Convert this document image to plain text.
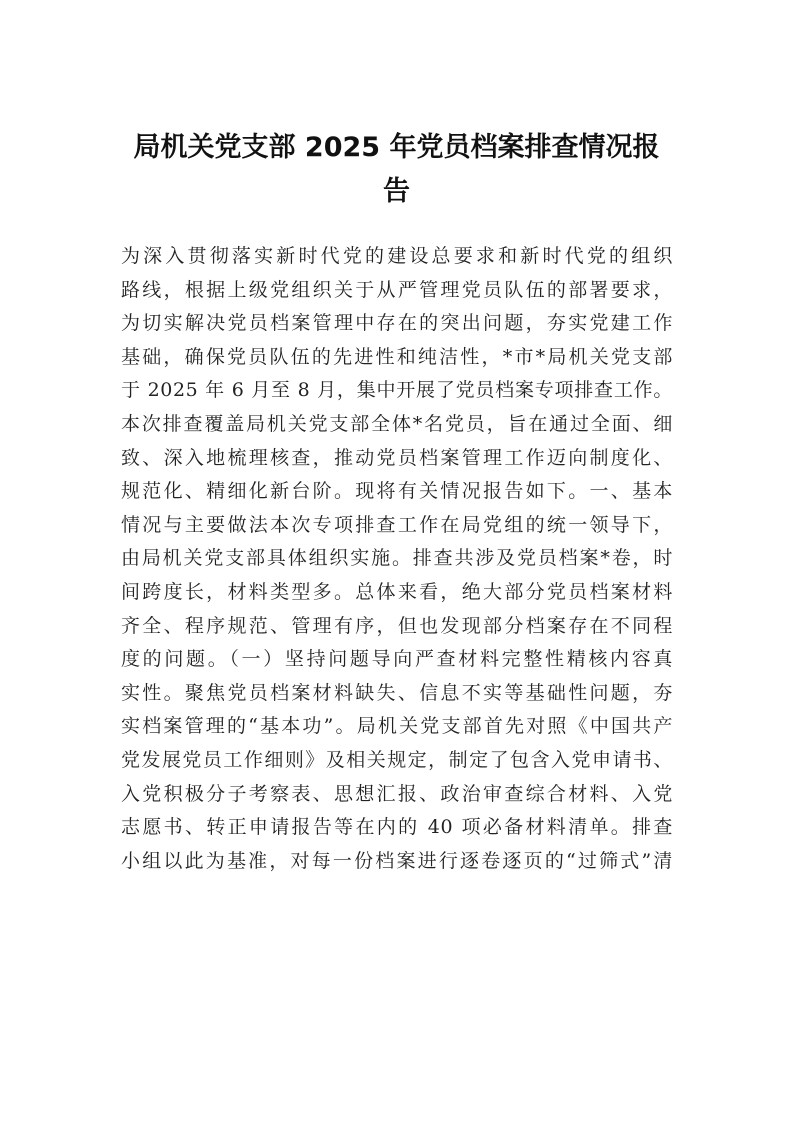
局机关党支部 2025 年党员档案排查情况报
告
为深入贯彻落实新时代党的建设总要求和新时代党的组织
路线，根据上级党组织关于从严管理党员队伍的部署要求，
为切实解决党员档案管理中存在的突出问题，夯实党建工作
基础，确保党员队伍的先进性和纯洁性，*市*局机关党支部
于 2025 年 6 月至 8 月，集中开展了党员档案专项排查工作。
本次排查覆盖局机关党支部全体*名党员，旨在通过全面、细
致、深入地梳理核查，推动党员档案管理工作迈向制度化、
规范化、精细化新台阶。现将有关情况报告如下。一、基本
情况与主要做法本次专项排查工作在局党组的统一领导下，
由局机关党支部具体组织实施。排查共涉及党员档案*卷，时
间跨度长，材料类型多。总体来看，绝大部分党员档案材料
齐全、程序规范、管理有序，但也发现部分档案存在不同程
度的问题。（一）坚持问题导向严查材料完整性精核内容真
实性。聚焦党员档案材料缺失、信息不实等基础性问题，夯
实档案管理的“基本功”。局机关党支部首先对照《中国共产
党发展党员工作细则》及相关规定，制定了包含入党申请书、
入党积极分子考察表、思想汇报、政治审查综合材料、入党
志愿书、转正申请报告等在内的 40 项必备材料清单。排查
小组以此为基准，对每一份档案进行逐卷逐页的“过筛式”清
